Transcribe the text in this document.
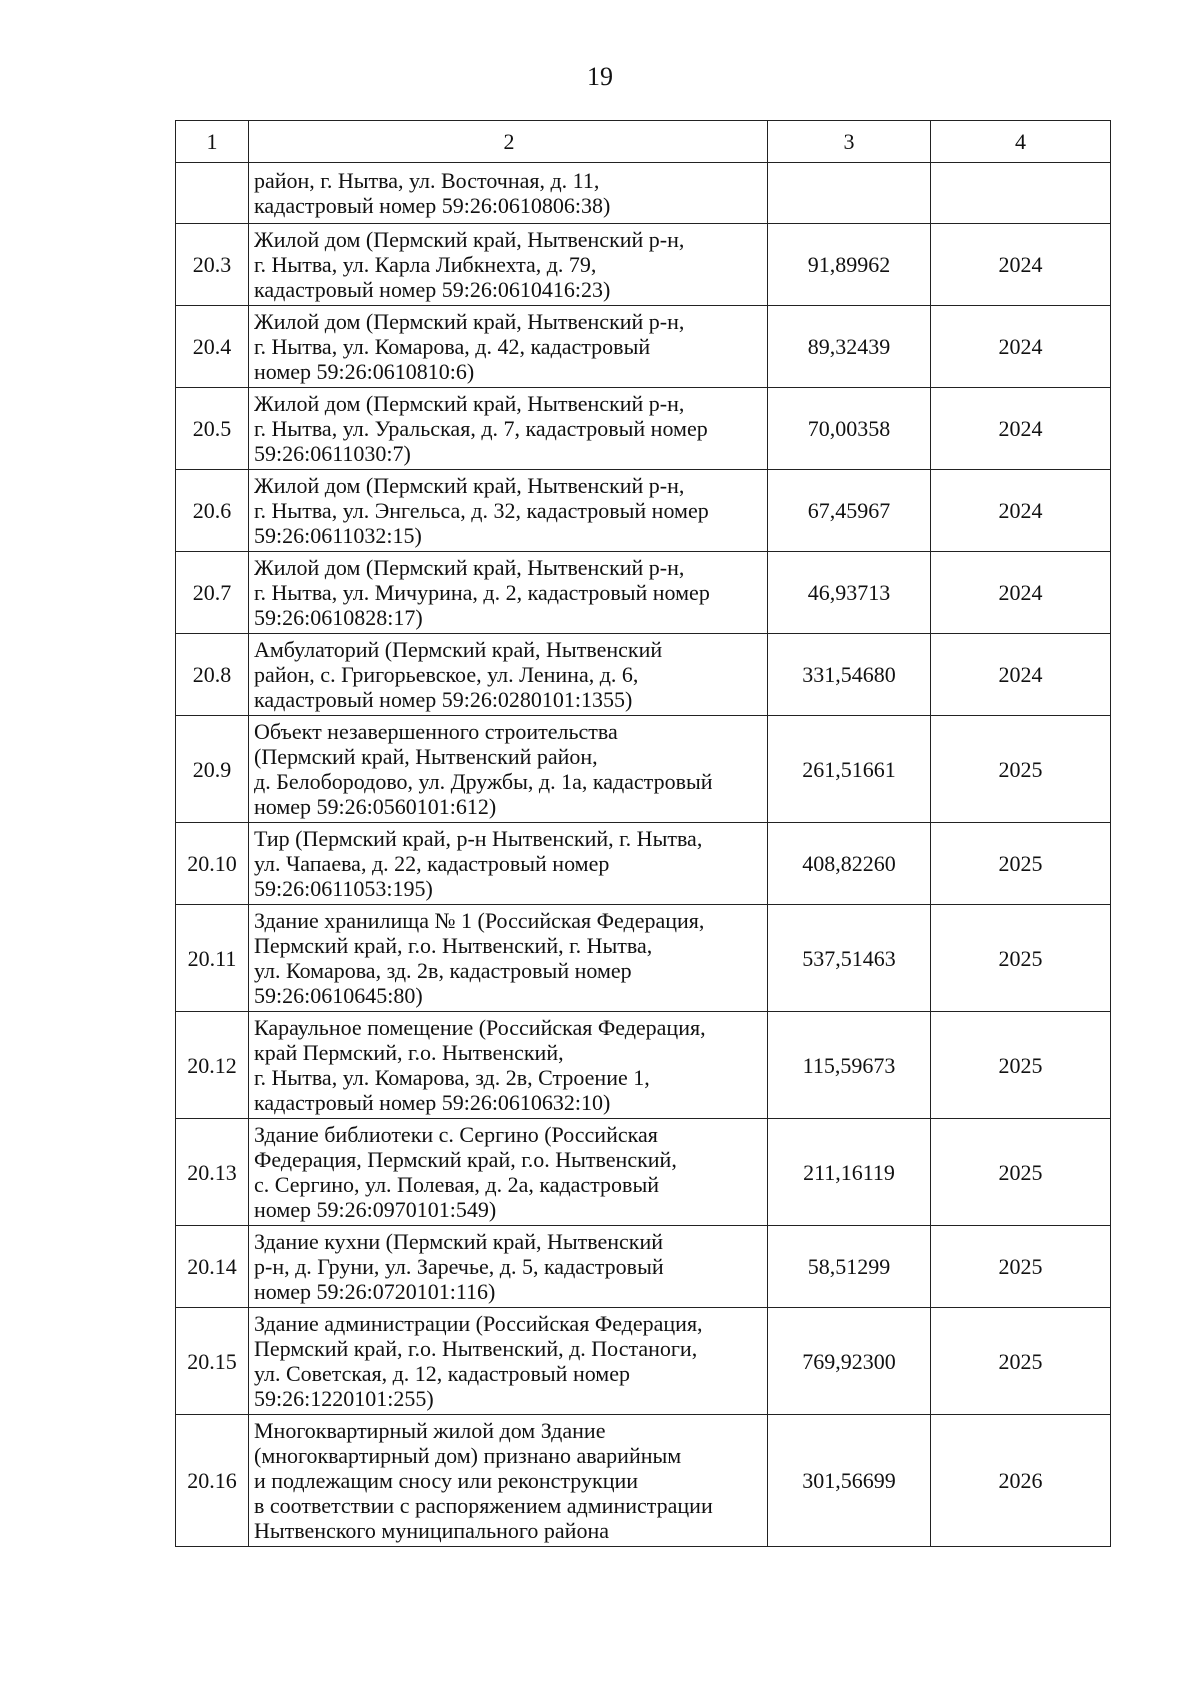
19
1	2	3	4

	район, г. Нытва, ул. Восточная, д. 11,
кадастровый номер 59:26:0610806:38)		

20.3	Жилой дом (Пермский край, Нытвенский р-н,
г. Нытва, ул. Карла Либкнехта, д. 79,
кадастровый номер 59:26:0610416:23)	91,89962	2024
20.4	Жилой дом (Пермский край, Нытвенский р-н,
г. Нытва, ул. Комарова, д. 42, кадастровый
номер 59:26:0610810:6)	89,32439	2024
20.5	Жилой дом (Пермский край, Нытвенский р-н,
г. Нытва, ул. Уральская, д. 7, кадастровый номер
59:26:0611030:7)	70,00358	2024
20.6	Жилой дом (Пермский край, Нытвенский р-н,
г. Нытва, ул. Энгельса, д. 32, кадастровый номер
59:26:0611032:15)	67,45967	2024
20.7	Жилой дом (Пермский край, Нытвенский р-н,
г. Нытва, ул. Мичурина, д. 2, кадастровый номер
59:26:0610828:17)	46,93713	2024
20.8	Амбулаторий (Пермский край, Нытвенский
район, с. Григорьевское, ул. Ленина, д. 6,
кадастровый номер 59:26:0280101:1355)	331,54680	2024
20.9	Объект незавершенного строительства
(Пермский край, Нытвенский район,
д. Белобородово, ул. Дружбы, д. 1а, кадастровый
номер 59:26:0560101:612)	261,51661	2025
20.10	Тир (Пермский край, р-н Нытвенский, г. Нытва,
ул. Чапаева, д. 22, кадастровый номер
59:26:0611053:195)	408,82260	2025
20.11	Здание хранилища № 1 (Российская Федерация,
Пермский край, г.о. Нытвенский, г. Нытва,
ул. Комарова, зд. 2в, кадастровый номер
59:26:0610645:80)	537,51463	2025
20.12	Караульное помещение (Российская Федерация,
край Пермский, г.о. Нытвенский,
г. Нытва, ул. Комарова, зд. 2в, Строение 1,
кадастровый номер 59:26:0610632:10)	115,59673	2025
20.13	Здание библиотеки с. Сергино (Российская
Федерация, Пермский край, г.о. Нытвенский,
с. Сергино, ул. Полевая, д. 2а, кадастровый
номер 59:26:0970101:549)	211,16119	2025
20.14	Здание кухни (Пермский край, Нытвенский
р-н, д. Груни, ул. Заречье, д. 5, кадастровый
номер 59:26:0720101:116)	58,51299	2025
20.15	Здание администрации (Российская Федерация,
Пермский край, г.о. Нытвенский, д. Постаноги,
ул. Советская, д. 12, кадастровый номер
59:26:1220101:255)	769,92300	2025
20.16	Многоквартирный жилой дом Здание
(многоквартирный дом) признано аварийным
и подлежащим сносу или реконструкции
в соответствии с распоряжением администрации
Нытвенского муниципального района	301,56699	2026
